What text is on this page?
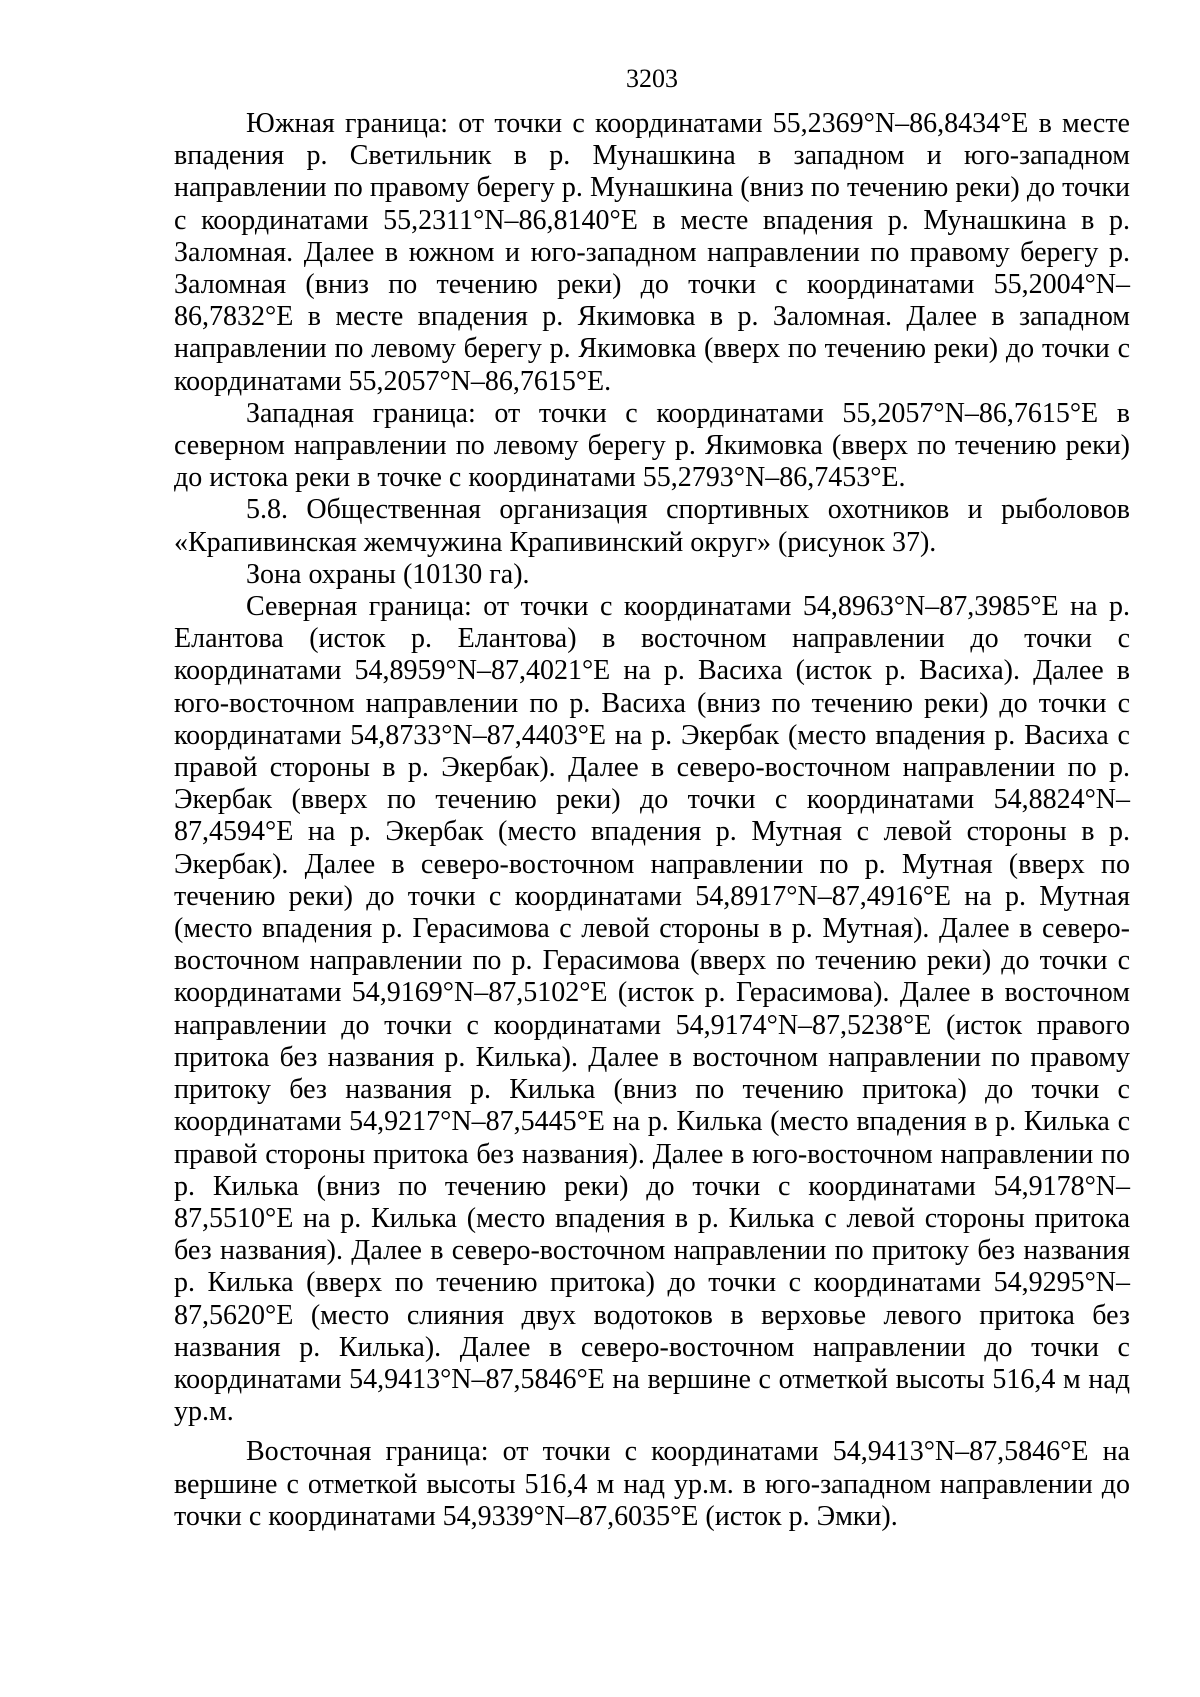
3203

Южная граница: от точки с координатами 55,2369°N–86,8434°E в месте впадения р. Светильник в р. Мунашкина в западном и юго-западном направлении по правому берегу р. Мунашкина (вниз по течению реки) до точки с координатами 55,2311°N–86,8140°E в месте впадения р. Мунашкина в р. Заломная. Далее в южном и юго-западном направлении по правому берегу р. Заломная (вниз по течению реки) до точки с координатами 55,2004°N–86,7832°E в месте впадения р. Якимовка в р. Заломная. Далее в западном направлении по левому берегу р. Якимовка (вверх по течению реки) до точки с координатами 55,2057°N–86,7615°E.

Западная граница: от точки с координатами 55,2057°N–86,7615°E в северном направлении по левому берегу р. Якимовка (вверх по течению реки) до истока реки в точке с координатами 55,2793°N–86,7453°E.

5.8. Общественная организация спортивных охотников и рыболовов «Крапивинская жемчужина Крапивинский округ» (рисунок 37).

Зона охраны (10130 га).

Северная граница: от точки с координатами 54,8963°N–87,3985°E на р. Елантова (исток р. Елантова) в восточном направлении до точки с координатами 54,8959°N–87,4021°E на р. Васиха (исток р. Васиха). Далее в юго-восточном направлении по р. Васиха (вниз по течению реки) до точки с координатами 54,8733°N–87,4403°E на р. Экербак (место впадения р. Васиха с правой стороны в р. Экербак). Далее в северо-восточном направлении по р. Экербак (вверх по течению реки) до точки с координатами 54,8824°N–87,4594°E на р. Экербак (место впадения р. Мутная с левой стороны в р. Экербак). Далее в северо-восточном направлении по р. Мутная (вверх по течению реки) до точки с координатами 54,8917°N–87,4916°E на р. Мутная (место впадения р. Герасимова с левой стороны в р. Мутная). Далее в северо-восточном направлении по р. Герасимова (вверх по течению реки) до точки с координатами 54,9169°N–87,5102°E (исток р. Герасимова). Далее в восточном направлении до точки с координатами 54,9174°N–87,5238°E (исток правого притока без названия р. Килька). Далее в восточном направлении по правому притоку без названия р. Килька (вниз по течению притока) до точки с координатами 54,9217°N–87,5445°E на р. Килька (место впадения в р. Килька с правой стороны притока без названия). Далее в юго-восточном направлении по р. Килька (вниз по течению реки) до точки с координатами 54,9178°N–87,5510°E на р. Килька (место впадения в р. Килька с левой стороны притока без названия). Далее в северо-восточном направлении по притоку без названия р. Килька (вверх по течению притока) до точки с координатами 54,9295°N–87,5620°E (место слияния двух водотоков в верховье левого притока без названия р. Килька). Далее в северо-восточном направлении до точки с координатами 54,9413°N–87,5846°E на вершине с отметкой высоты 516,4 м над ур.м.

Восточная граница: от точки с координатами 54,9413°N–87,5846°E на вершине с отметкой высоты 516,4 м над ур.м. в юго-западном направлении до точки с координатами 54,9339°N–87,6035°E (исток р. Эмки).
